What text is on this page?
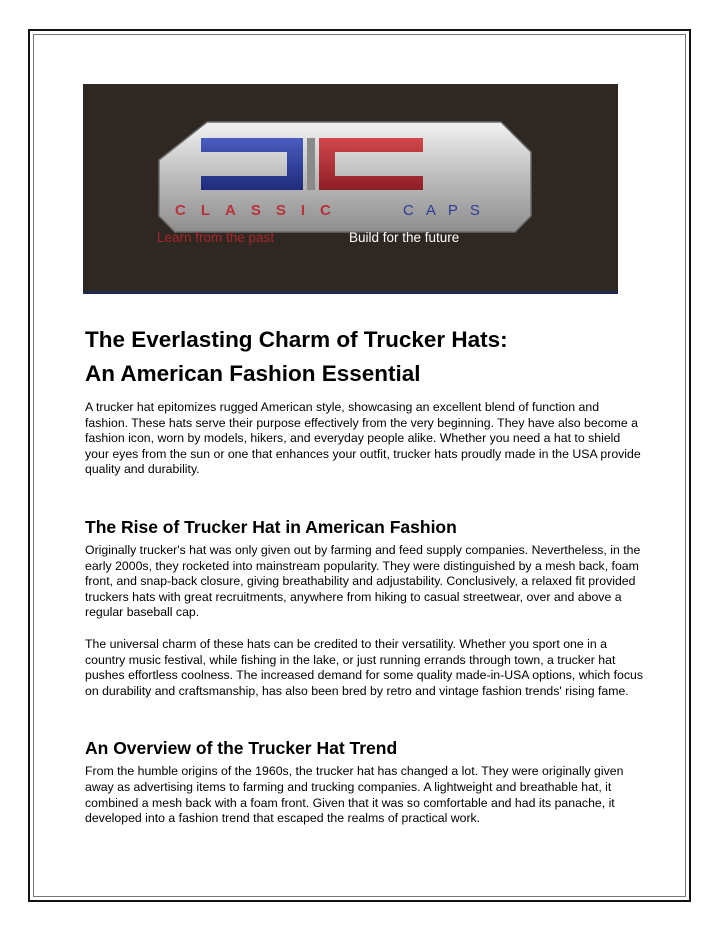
CLASSIC	CAPS
Learn from the past	Build for the future
The Everlasting Charm of Trucker Hats:
An American Fashion Essential

A trucker hat epitomizes rugged American style, showcasing an excellent blend of function and fashion. These hats serve their purpose effectively from the very beginning. They have also become a fashion icon, worn by models, hikers, and everyday people alike. Whether you need a hat to shield your eyes from the sun or one that enhances your outfit, trucker hats proudly made in the USA provide quality and durability.

The Rise of Trucker Hat in American Fashion

Originally trucker's hat was only given out by farming and feed supply companies. Nevertheless, in the early 2000s, they rocketed into mainstream popularity. They were distinguished by a mesh back, foam front, and snap-back closure, giving breathability and adjustability. Conclusively, a relaxed fit provided truckers hats with great recruitments, anywhere from hiking to casual streetwear, over and above a regular baseball cap.

The universal charm of these hats can be credited to their versatility. Whether you sport one in a country music festival, while fishing in the lake, or just running errands through town, a trucker hat pushes effortless coolness. The increased demand for some quality made-in-USA options, which focus on durability and craftsmanship, has also been bred by retro and vintage fashion trends' rising fame.

An Overview of the Trucker Hat Trend

From the humble origins of the 1960s, the trucker hat has changed a lot. They were originally given away as advertising items to farming and trucking companies. A lightweight and breathable hat, it combined a mesh back with a foam front. Given that it was so comfortable and had its panache, it developed into a fashion trend that escaped the realms of practical work.
